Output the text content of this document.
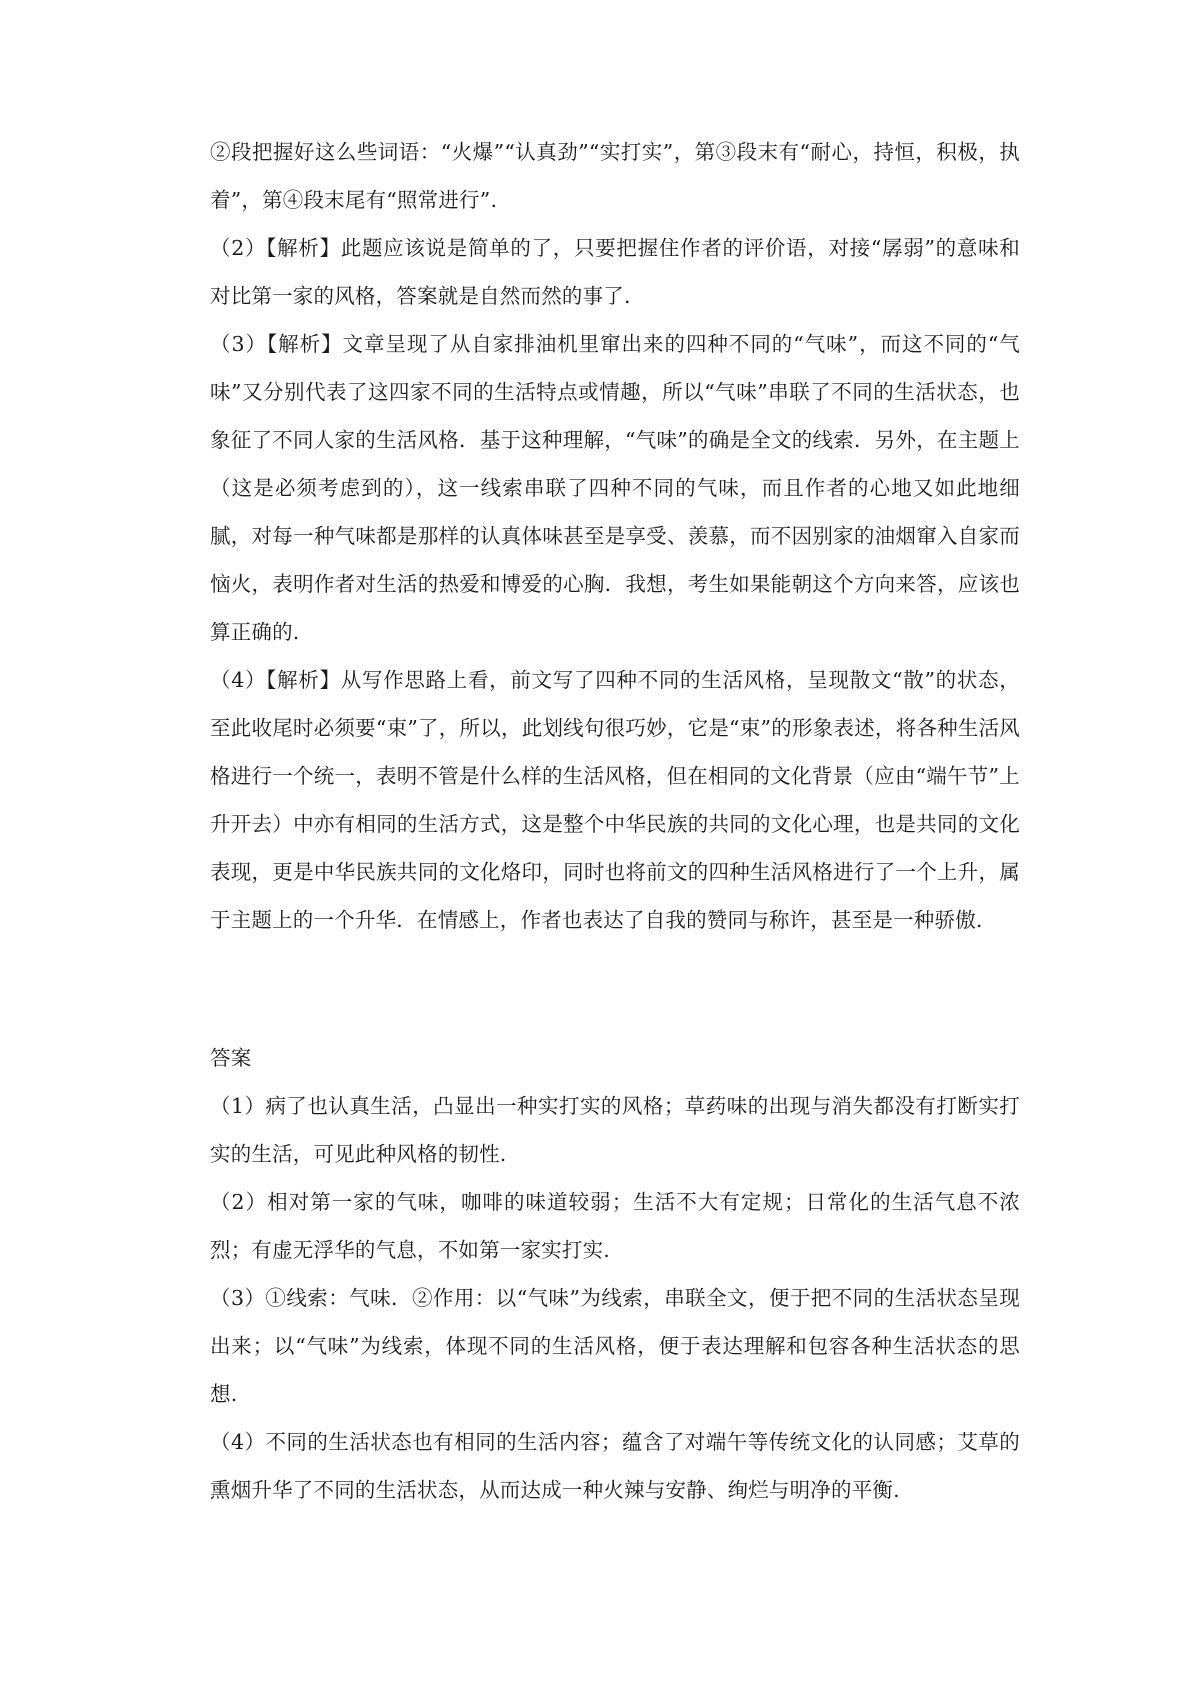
②段把握好这么些词语：“火爆”“认真劲”“实打实”，第③段末有“耐心，持恒，积极，执着”，第④段末尾有“照常进行”.

（2）【解析】此题应该说是简单的了，只要把握住作者的评价语，对接“孱弱”的意味和对比第一家的风格，答案就是自然而然的事了.

（3）【解析】文章呈现了从自家排油机里窜出来的四种不同的“气味”，而这不同的“气味”又分别代表了这四家不同的生活特点或情趣，所以“气味”串联了不同的生活状态，也象征了不同人家的生活风格．基于这种理解，“气味”的确是全文的线索．另外，在主题上（这是必须考虑到的），这一线索串联了四种不同的气味，而且作者的心地又如此地细腻，对每一种气味都是那样的认真体味甚至是享受、羡慕，而不因别家的油烟窜入自家而恼火，表明作者对生活的热爱和博爱的心胸．我想，考生如果能朝这个方向来答，应该也算正确的.

（4）【解析】从写作思路上看，前文写了四种不同的生活风格，呈现散文“散”的状态，至此收尾时必须要“束”了，所以，此划线句很巧妙，它是“束”的形象表述，将各种生活风格进行一个统一，表明不管是什么样的生活风格，但在相同的文化背景（应由“端午节”上升开去）中亦有相同的生活方式，这是整个中华民族的共同的文化心理，也是共同的文化表现，更是中华民族共同的文化烙印，同时也将前文的四种生活风格进行了一个上升，属于主题上的一个升华．在情感上，作者也表达了自我的赞同与称许，甚至是一种骄傲.

答案

（1）病了也认真生活，凸显出一种实打实的风格；草药味的出现与消失都没有打断实打实的生活，可见此种风格的韧性.

（2）相对第一家的气味，咖啡的味道较弱；生活不大有定规；日常化的生活气息不浓烈；有虚无浮华的气息，不如第一家实打实.

（3）①线索：气味．②作用：以“气味”为线索，串联全文，便于把不同的生活状态呈现出来；以“气味”为线索，体现不同的生活风格，便于表达理解和包容各种生活状态的思想.

（4）不同的生活状态也有相同的生活内容；蕴含了对端午等传统文化的认同感；艾草的熏烟升华了不同的生活状态，从而达成一种火辣与安静、绚烂与明净的平衡.
